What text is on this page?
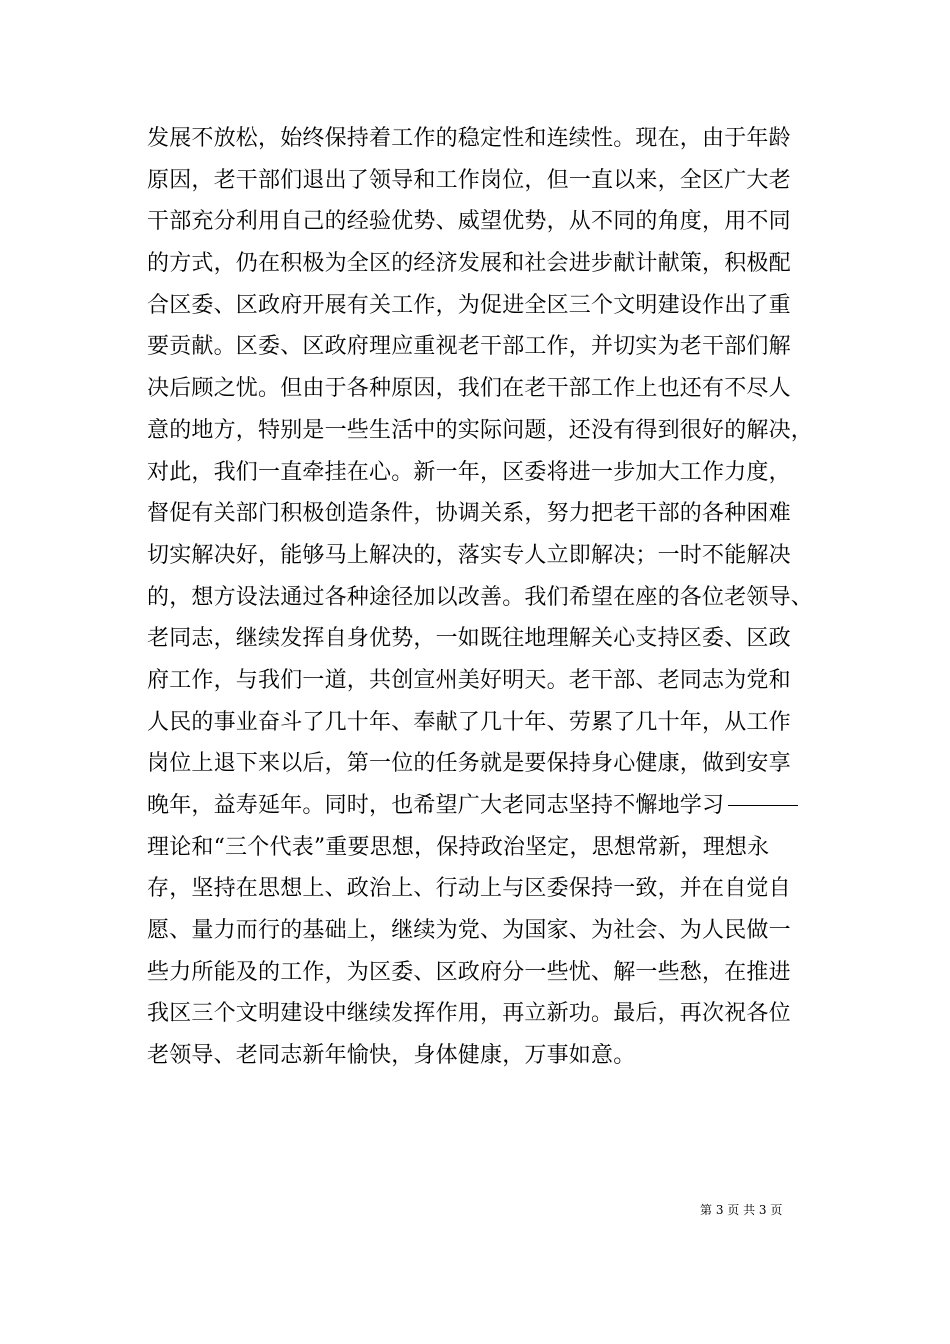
发展不放松，始终保持着工作的稳定性和连续性。现在，由于年龄
原因，老干部们退出了领导和工作岗位，但一直以来，全区广大老
干部充分利用自己的经验优势、威望优势，从不同的角度，用不同
的方式，仍在积极为全区的经济发展和社会进步献计献策，积极配
合区委、区政府开展有关工作，为促进全区三个文明建设作出了重
要贡献。区委、区政府理应重视老干部工作，并切实为老干部们解
决后顾之忧。但由于各种原因，我们在老干部工作上也还有不尽人
意的地方，特别是一些生活中的实际问题，还没有得到很好的解决，
对此，我们一直牵挂在心。新一年，区委将进一步加大工作力度，
督促有关部门积极创造条件，协调关系，努力把老干部的各种困难
切实解决好，能够马上解决的，落实专人立即解决；一时不能解决
的，想方设法通过各种途径加以改善。我们希望在座的各位老领导、
老同志，继续发挥自身优势，一如既往地理解关心支持区委、区政
府工作，与我们一道，共创宣州美好明天。老干部、老同志为党和
人民的事业奋斗了几十年、奉献了几十年、劳累了几十年，从工作
岗位上退下来以后，第一位的任务就是要保持身心健康，做到安享
晚年，益寿延年。同时，也希望广大老同志坚持不懈地学习
理论和“三个代表”重要思想，保持政治坚定，思想常新，理想永
存，坚持在思想上、政治上、行动上与区委保持一致，并在自觉自
愿、量力而行的基础上，继续为党、为国家、为社会、为人民做一
些力所能及的工作，为区委、区政府分一些忧、解一些愁，在推进
我区三个文明建设中继续发挥作用，再立新功。最后，再次祝各位
老领导、老同志新年愉快，身体健康，万事如意。
第 3 页 共 3 页
